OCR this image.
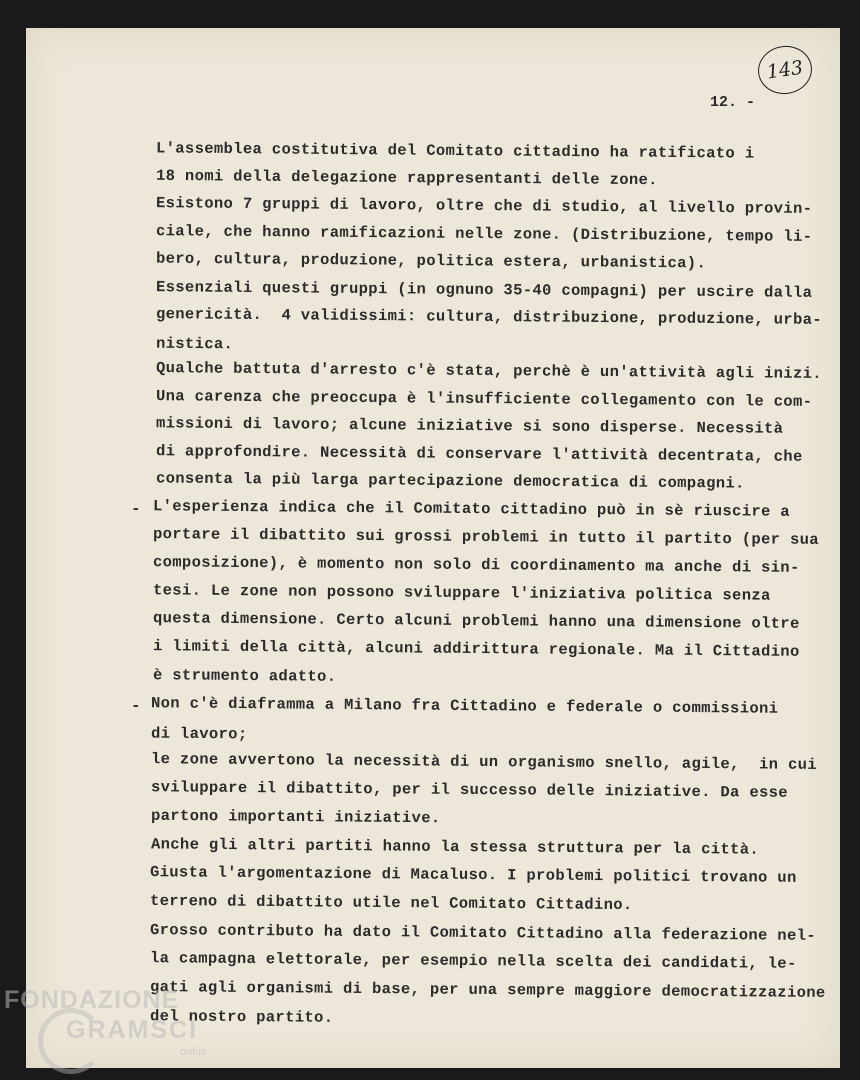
143
12. -
L'assemblea costitutiva del Comitato cittadino ha ratificato i
18 nomi della delegazione rappresentanti delle zone.
Esistono 7 gruppi di lavoro, oltre che di studio, al livello provin-
ciale, che hanno ramificazioni nelle zone. (Distribuzione, tempo li-
bero, cultura, produzione, politica estera, urbanistica).
Essenziali questi gruppi (in ognuno 35-40 compagni) per uscire dalla
genericità.  4 validissimi: cultura, distribuzione, produzione, urba-
nistica.
Qualche battuta d'arresto c'è stata, perchè è un'attività agli inizi.
Una carenza che preoccupa è l'insufficiente collegamento con le com-
missioni di lavoro; alcune iniziative si sono disperse. Necessità
di approfondire. Necessità di conservare l'attività decentrata, che
consenta la più larga partecipazione democratica di compagni.
- L'esperienza indica che il Comitato cittadino può in sè riuscire a
portare il dibattito sui grossi problemi in tutto il partito (per sua
composizione), è momento non solo di coordinamento ma anche di sin-
tesi. Le zone non possono sviluppare l'iniziativa politica senza
questa dimensione. Certo alcuni problemi hanno una dimensione oltre
i limiti della città, alcuni addirittura regionale. Ma il Cittadino
è strumento adatto.
- Non c'è diaframma a Milano fra Cittadino e federale o commissioni
di lavoro;
le zone avvertono la necessità di un organismo snello, agile,  in cui
sviluppare il dibattito, per il successo delle iniziative. Da esse
partono importanti iniziative.
Anche gli altri partiti hanno la stessa struttura per la città.
Giusta l'argomentazione di Macaluso. I problemi politici trovano un
terreno di dibattito utile nel Comitato Cittadino.
Grosso contributo ha dato il Comitato Cittadino alla federazione nel-
la campagna elettorale, per esempio nella scelta dei candidati, le-
gati agli organismi di base, per una sempre maggiore democratizzazione
del nostro partito.
FONDAZIONE
GRAMSCI
onlus
